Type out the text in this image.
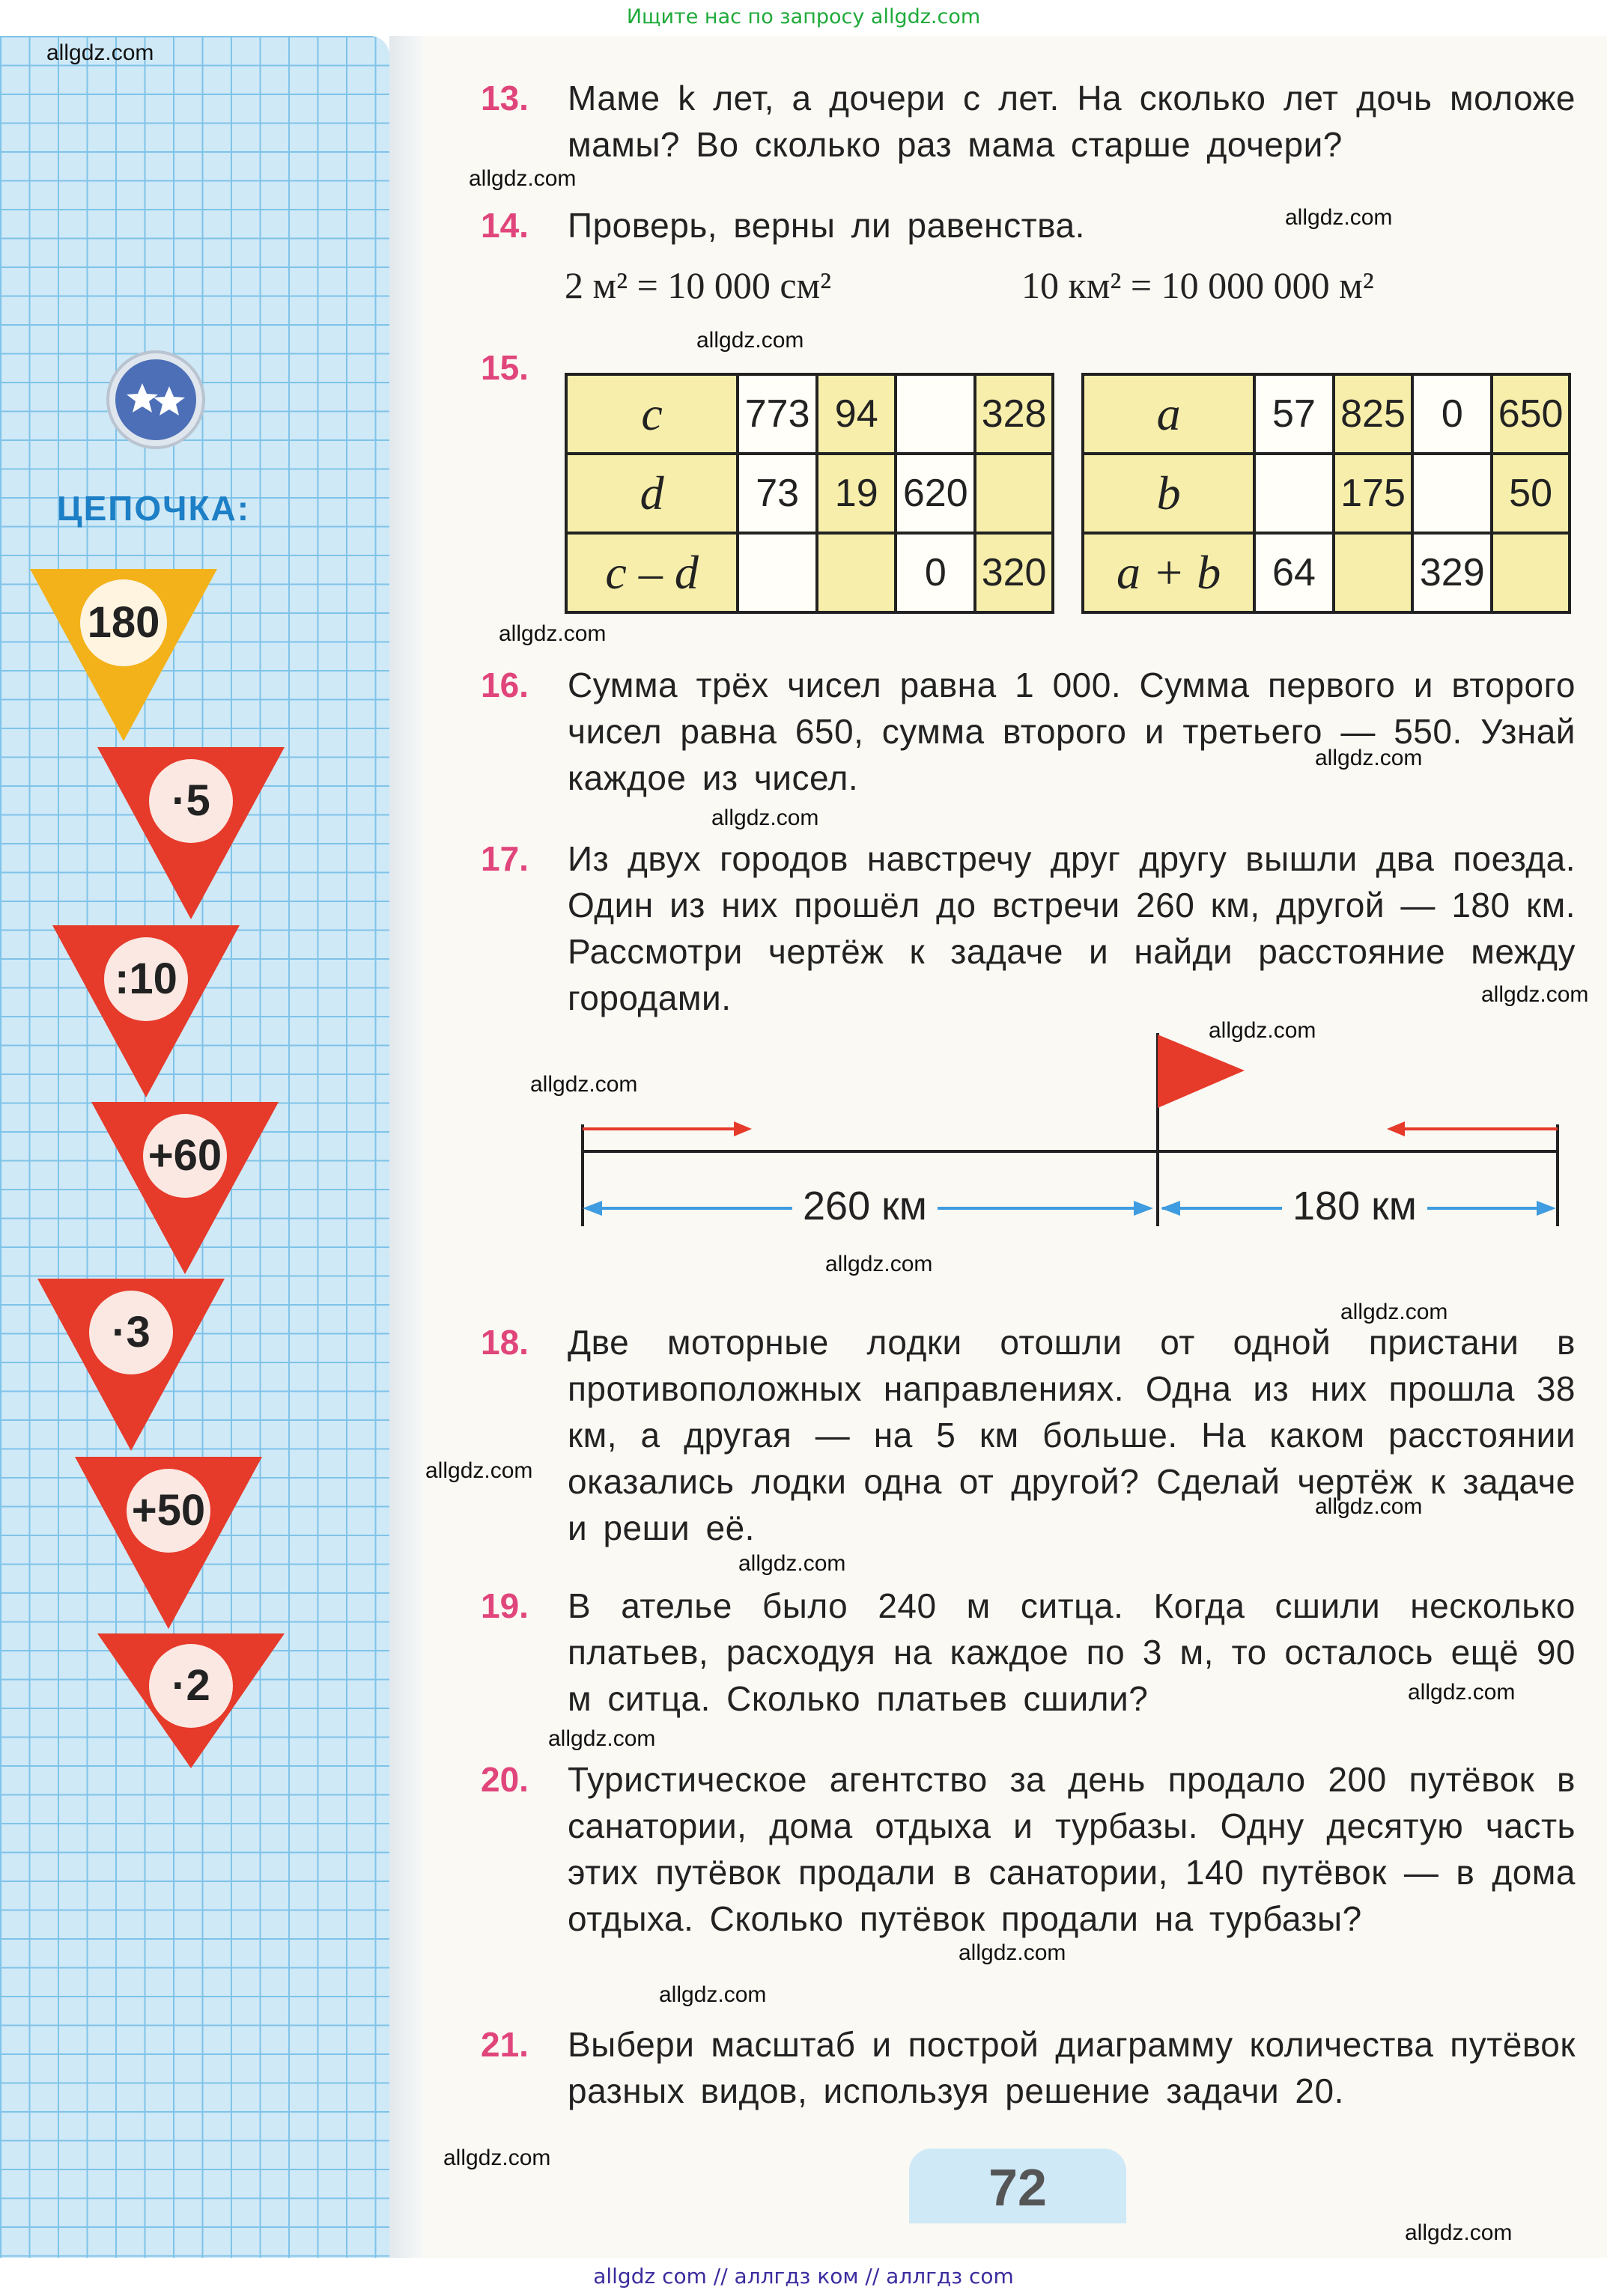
Ищите нас по запросу allgdz.com
ЦЕПОЧКА:
180
·5
:10
+60
·3
+50
·2
13.	Маме k лет, а дочери c лет. На сколько лет дочь моложе мамы? Во сколько раз мама старше дочери?
14.	Проверь, верны ли равенства.
2 м² = 10 000 см²	10 км² = 10 000 000 м²
15.
c	773	94		328
d	73	19	620	
c – d			0	320
a	57	825	0	650
b		175		50
a + b	64		329	
16.	Сумма трёх чисел равна 1 000. Сумма первого и второго чисел равна 650, сумма второго и третьего — 550. Узнай каждое из чисел.
17.	Из двух городов навстречу друг другу вышли два поезда. Один из них прошёл до встречи 260 км, другой — 180 км. Рассмотри чертёж к задаче и найди расстояние между городами.
260 км	180 км
18.	Две моторные лодки отошли от одной пристани в противоположных направлениях. Одна из них прошла 38 км, а другая — на 5 км больше. На каком расстоянии оказались лодки одна от другой? Сделай чертёж к задаче и реши её.
19.	В ателье было 240 м ситца. Когда сшили несколько платьев, расходуя на каждое по 3 м, то осталось ещё 90 м ситца. Сколько платьев сшили?
20.	Туристическое агентство за день продало 200 путёвок в санатории, дома отдыха и турбазы. Одну десятую часть этих путёвок продали в санатории, 140 путёвок — в дома отдыха. Сколько путёвок продали на турбазы?
21.	Выбери масштаб и построй диаграмму количества путёвок разных видов, используя решение задачи 20.
72
allgdz.com
allgdz.com
allgdz.com
allgdz.com
allgdz.com
allgdz.com
allgdz.com
allgdz.com
allgdz.com
allgdz.com
allgdz.com
allgdz.com
allgdz.com
allgdz.com
allgdz.com
allgdz.com
allgdz.com
allgdz.com
allgdz.com
allgdz.com
allgdz.com
allgdz com // аллгдз ком // аллгдз com
